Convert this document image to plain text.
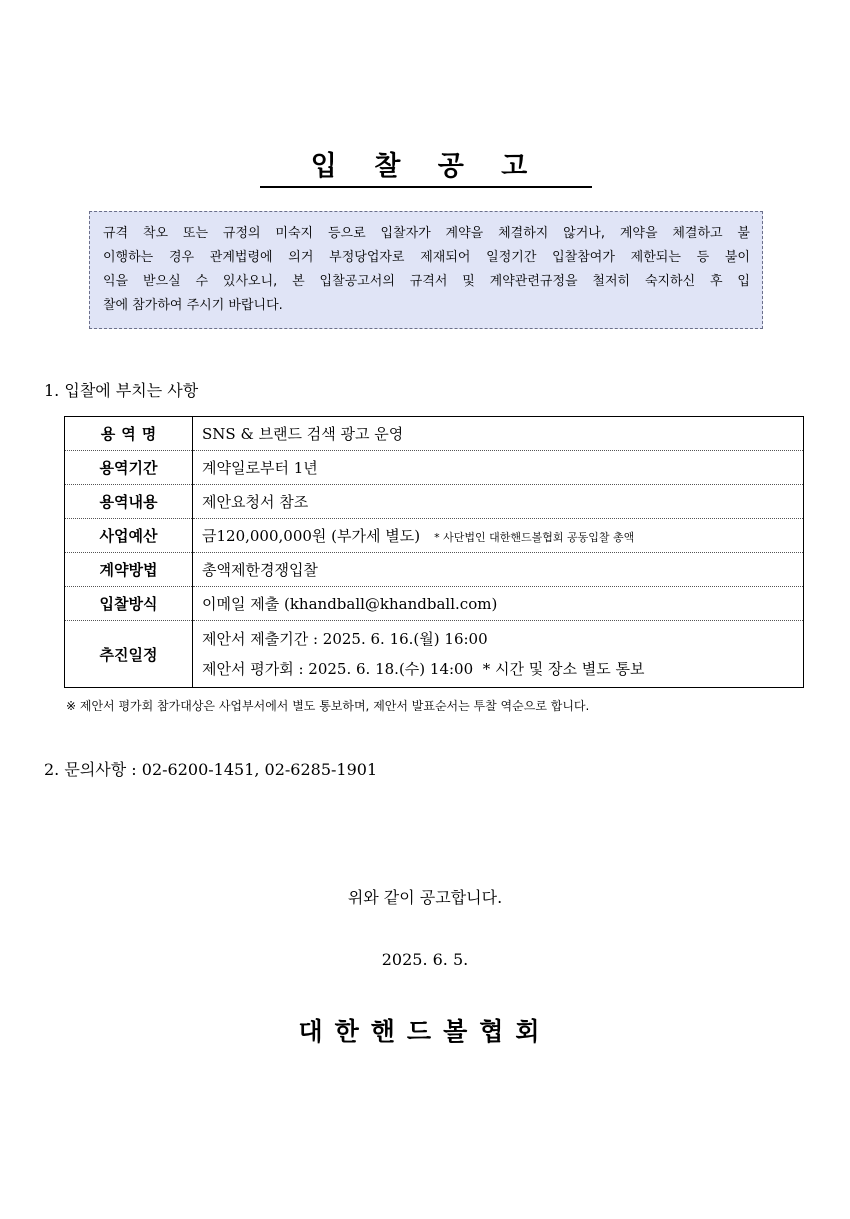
입 찰 공 고
규격 착오 또는 규정의 미숙지 등으로 입찰자가 계약을 체결하지 않거나, 계약을 체결하고 불
이행하는 경우 관계법령에 의거 부정당업자로 제재되어 일정기간 입찰참여가 제한되는 등 불이
익을 받으실 수 있사오니, 본 입찰공고서의 규격서 및 계약관련규정을 철저히 숙지하신 후 입
찰에 참가하여 주시기 바랍니다.
1. 입찰에 부치는 사항
용역명	SNS & 브랜드 검색 광고 운영
용역기간	계약일로부터 1년
용역내용	제안요청서 참조
사업예산	금120,000,000원 (부가세 별도) * 사단법인 대한핸드볼협회 공동입찰 총액
계약방법	총액제한경쟁입찰
입찰방식	이메일 제출 (khandball@khandball.com)
추진일정	제안서 제출기간 : 2025. 6. 16.(월) 16:00
제안서 평가회 : 2025. 6. 18.(수) 14:00 * 시간 및 장소 별도 통보
※ 제안서 평가회 참가대상은 사업부서에서 별도 통보하며, 제안서 발표순서는 투찰 역순으로 합니다.
2. 문의사항 : 02-6200-1451, 02-6285-1901
위와 같이 공고합니다.
2025. 6. 5.
대한핸드볼협회
